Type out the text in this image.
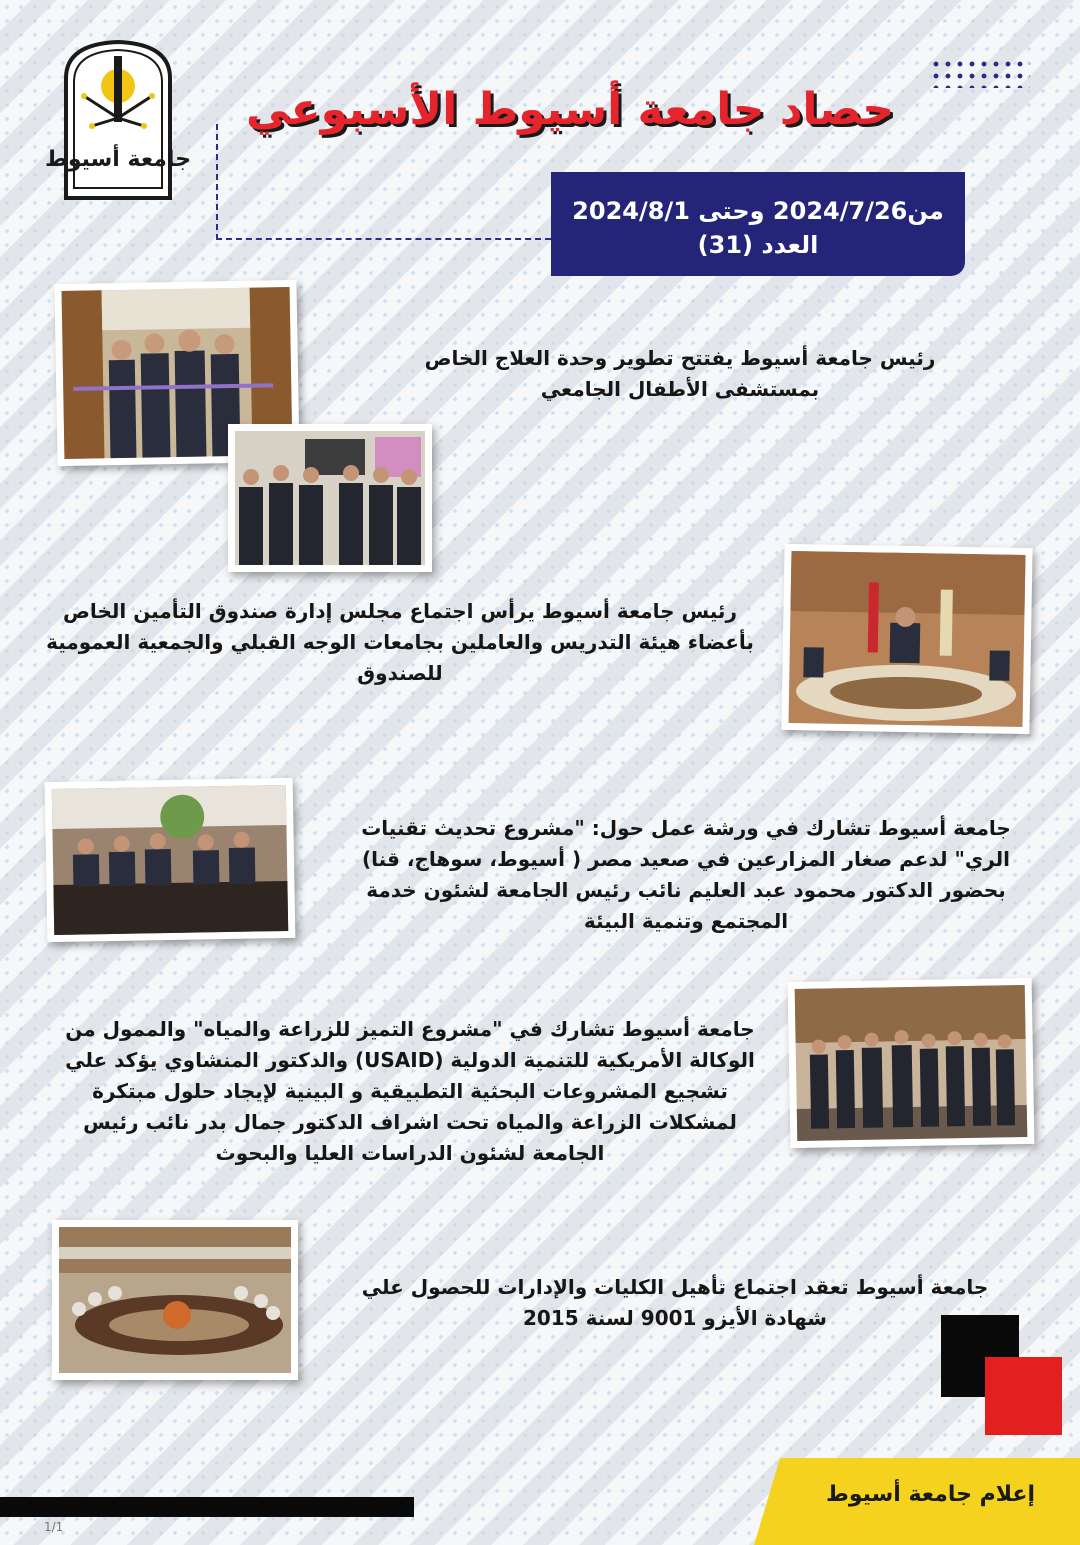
جامعة أسيوط
حصاد جامعة أسيوط الأسبوعي
من2024/7/26 وحتى 2024/8/1
العدد (31)

رئيس جامعة أسيوط يفتتح تطوير وحدة العلاج الخاص بمستشفى الأطفال الجامعي

رئيس جامعة أسيوط يرأس اجتماع مجلس إدارة صندوق التأمين الخاص بأعضاء هيئة التدريس والعاملين بجامعات الوجه القبلي والجمعية العمومية للصندوق

جامعة أسيوط تشارك في ورشة عمل حول: "مشروع تحديث تقنيات الري" لدعم صغار المزارعين في صعيد مصر ( أسيوط، سوهاج، قنا) بحضور الدكتور محمود عبد العليم نائب رئيس الجامعة لشئون خدمة المجتمع وتنمية البيئة

جامعة أسيوط تشارك في "مشروع التميز للزراعة والمياه" والممول من الوكالة الأمريكية للتنمية الدولية (USAID) والدكتور المنشاوي يؤكد علي تشجيع المشروعات البحثية التطبيقية و البينية لإيجاد حلول مبتكرة لمشكلات الزراعة والمياه تحت اشراف الدكتور جمال بدر نائب رئيس الجامعة لشئون الدراسات العليا والبحوث

جامعة أسيوط تعقد اجتماع تأهيل الكليات والإدارات للحصول علي شهادة الأيزو 9001 لسنة 2015

إعلام جامعة أسيوط
1/1
